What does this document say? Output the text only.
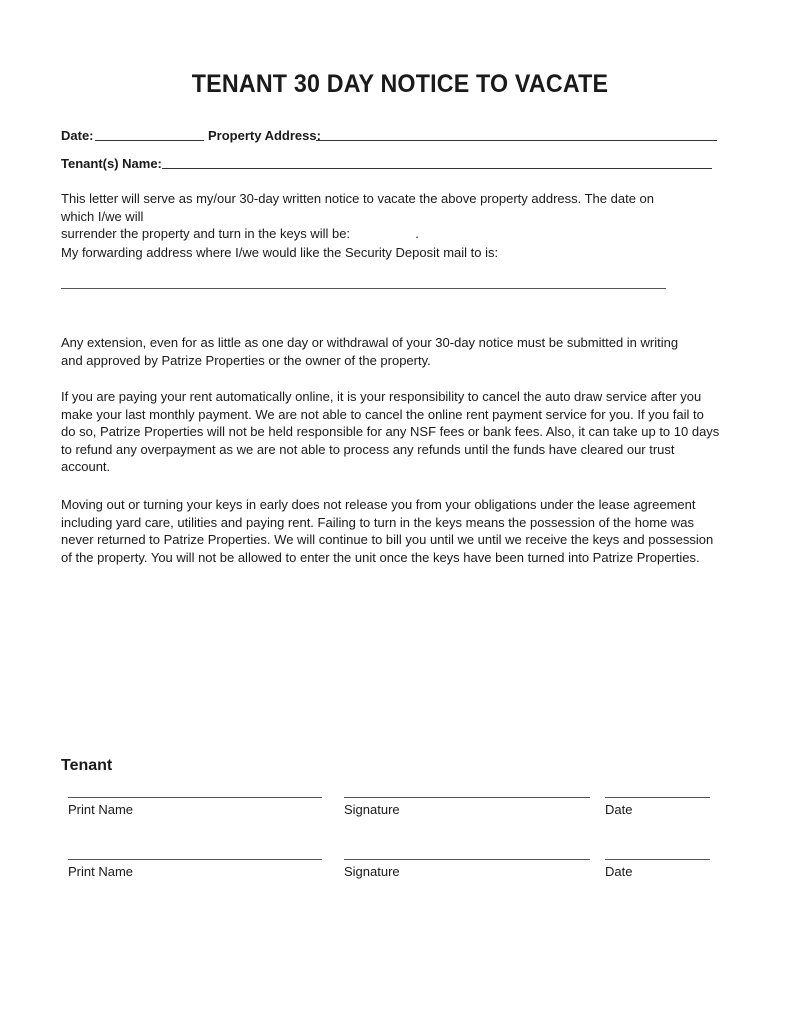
TENANT 30 DAY NOTICE TO VACATE
Date:	Property Address:
Tenant(s) Name:

This letter will serve as my/our 30-day written notice to vacate the above property address. The date on

which I/we will

surrender the property and turn in the keys will be:	.

My forwarding address where I/we would like the Security Deposit mail to is:

Any extension, even for as little as one day or withdrawal of your 30-day notice must be submitted in writing and approved by Patrize Properties or the owner of the property.
If you are paying your rent automatically online, it is your responsibility to cancel the auto draw service after you make your last monthly payment. We are not able to cancel the online rent payment service for you. If you fail to do so, Patrize Properties will not be held responsible for any NSF fees or bank fees. Also, it can take up to 10 days to refund any overpayment as we are not able to process any refunds until the funds have cleared our trust account.
Moving out or turning your keys in early does not release you from your obligations under the lease agreement including yard care, utilities and paying rent. Failing to turn in the keys means the possession of the home was never returned to Patrize Properties. We will continue to bill you until we until we receive the keys and possession of the property. You will not be allowed to enter the unit once the keys have been turned into Patrize Properties.
Tenant
Print Name	Signature	Date
Print Name	Signature	Date
